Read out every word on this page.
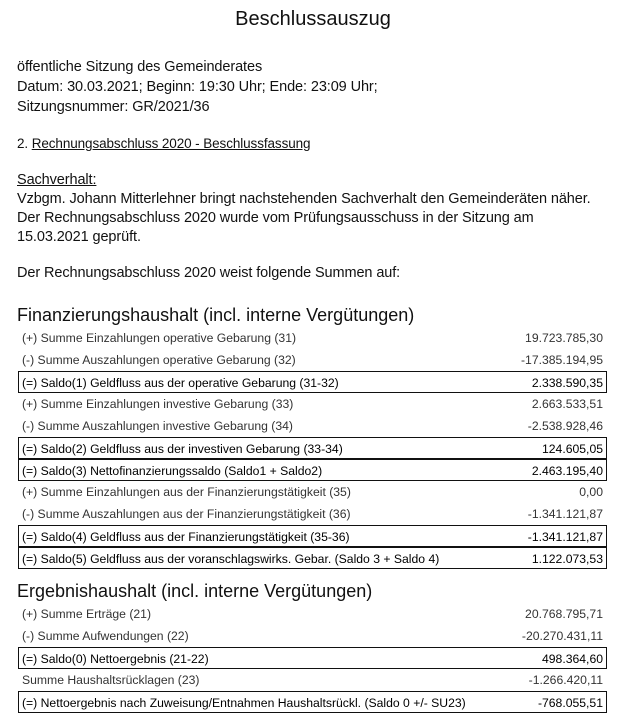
Beschlussauszug
öffentliche Sitzung des Gemeinderates
Datum: 30.03.2021; Beginn: 19:30 Uhr; Ende: 23:09 Uhr;
Sitzungsnummer: GR/2021/36
2. Rechnungsabschluss 2020 - Beschlussfassung
Sachverhalt:
Vzbgm. Johann Mitterlehner bringt nachstehenden Sachverhalt den Gemeinderäten näher.
Der Rechnungsabschluss 2020 wurde vom Prüfungsausschuss in der Sitzung am
15.03.2021 geprüft.
Der Rechnungsabschluss 2020 weist folgende Summen auf:
Finanzierungshaushalt (incl. interne Vergütungen)
(+) Summe Einzahlungen operative Gebarung (31)	19.723.785,30
(-) Summe Auszahlungen operative Gebarung (32)	-17.385.194,95
(=) Saldo(1) Geldfluss aus der operative Gebarung (31-32)	2.338.590,35
(+) Summe Einzahlungen investive Gebarung (33)	2.663.533,51
(-) Summe Auszahlungen investive Gebarung (34)	-2.538.928,46
(=) Saldo(2) Geldfluss aus der investiven Gebarung (33-34)	124.605,05
(=) Saldo(3) Nettofinanzierungssaldo (Saldo1 + Saldo2)	2.463.195,40
(+) Summe Einzahlungen aus der Finanzierungstätigkeit (35)	0,00
(-) Summe Auszahlungen aus der Finanzierungstätigkeit (36)	-1.341.121,87
(=) Saldo(4) Geldfluss aus der Finanzierungstätigkeit (35-36)	-1.341.121,87
(=) Saldo(5) Geldfluss aus der voranschlagswirks. Gebar. (Saldo 3 + Saldo 4)	1.122.073,53
Ergebnishaushalt (incl. interne Vergütungen)
(+) Summe Erträge (21)	20.768.795,71
(-) Summe Aufwendungen (22)	-20.270.431,11
(=) Saldo(0) Nettoergebnis (21-22)	498.364,60
Summe Haushaltsrücklagen (23)	-1.266.420,11
(=) Nettoergebnis nach Zuweisung/Entnahmen Haushaltsrückl. (Saldo 0 +/- SU23)	-768.055,51
